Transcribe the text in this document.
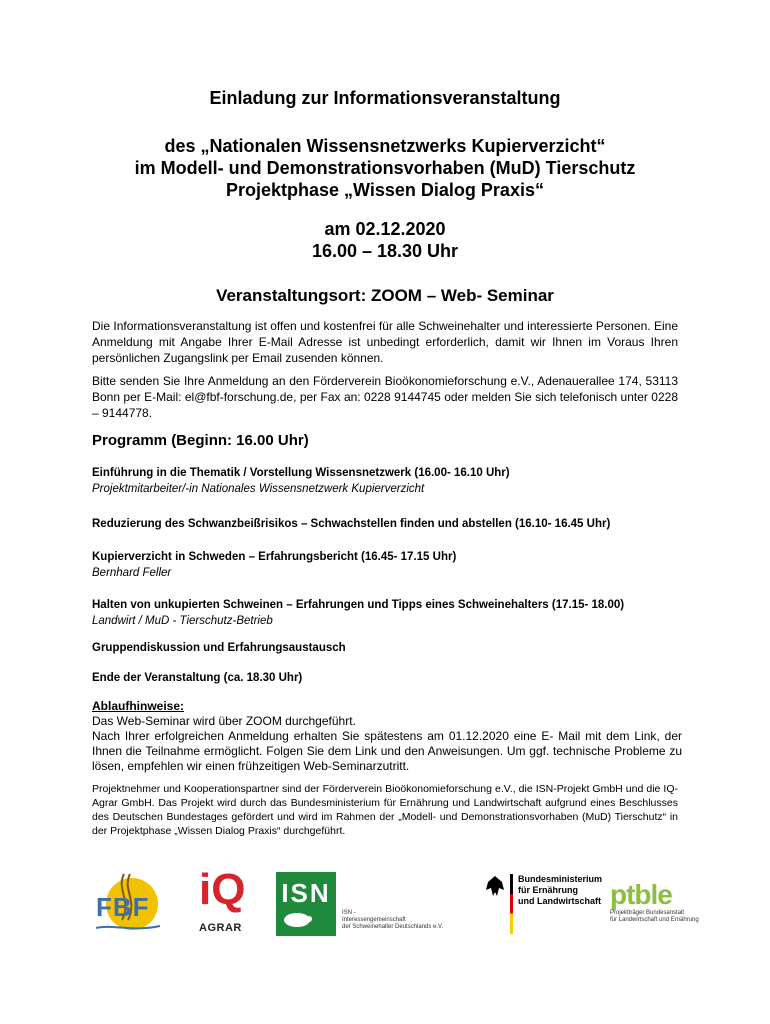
Einladung zur Informationsveranstaltung
des „Nationalen Wissensnetzwerks Kupierverzicht“
im Modell- und Demonstrationsvorhaben (MuD) Tierschutz
Projektphase „Wissen Dialog Praxis“
am 02.12.2020
16.00 – 18.30 Uhr
Veranstaltungsort: ZOOM – Web- Seminar
Die Informationsveranstaltung ist offen und kostenfrei für alle Schweinehalter und interessierte Personen. Eine Anmeldung mit Angabe Ihrer E-Mail Adresse ist unbedingt erforderlich, damit wir Ihnen im Voraus Ihren persönlichen Zugangslink per Email zusenden können.
Bitte senden Sie Ihre Anmeldung an den Förderverein Bioökonomieforschung e.V., Adenauerallee 174, 53113 Bonn per E-Mail: el@fbf-forschung.de, per Fax an: 0228 9144745 oder melden Sie sich telefonisch unter 0228 – 9144778.
Programm (Beginn: 16.00 Uhr)
Einführung in die Thematik / Vorstellung Wissensnetzwerk (16.00- 16.10 Uhr)
Projektmitarbeiter/-in Nationales Wissensnetzwerk Kupierverzicht
Reduzierung des Schwanzbeißrisikos – Schwachstellen finden und abstellen (16.10- 16.45 Uhr)
Kupierverzicht in Schweden – Erfahrungsbericht (16.45- 17.15 Uhr)
Bernhard Feller
Halten von unkupierten Schweinen – Erfahrungen und Tipps eines Schweinehalters (17.15- 18.00) Landwirt / MuD - Tierschutz-Betrieb
Gruppendiskussion und Erfahrungsaustausch
Ende der Veranstaltung (ca. 18.30 Uhr)
Ablaufhinweise:
Das Web-Seminar wird über ZOOM durchgeführt.
Nach Ihrer erfolgreichen Anmeldung erhalten Sie spätestens am 01.12.2020 eine E- Mail mit dem Link, der Ihnen die Teilnahme ermöglicht. Folgen Sie dem Link und den Anweisungen. Um ggf. technische Probleme zu lösen, empfehlen wir einen frühzeitigen Web-Seminarzutritt.
Projektnehmer und Kooperationspartner sind der Förderverein Bioökonomieforschung e.V., die ISN-Projekt GmbH und die IQ-Agrar GmbH. Das Projekt wird durch das Bundesministerium für Ernährung und Landwirtschaft aufgrund eines Beschlusses des Deutschen Bundestages gefördert und wird im Rahmen der „Modell- und Demonstrationsvorhaben (MuD) Tierschutz“ in der Projektphase „Wissen Dialog Praxis“ durchgeführt.
FBF iQ
AGRAR
ISN
ISN -
Interessengemeinschaft
der Schweinehalter Deutschlands e.V.
Bundesministerium
für Ernährung
und Landwirtschaft ptble
Projektträger Bundesanstalt
für Landwirtschaft und Ernährung
